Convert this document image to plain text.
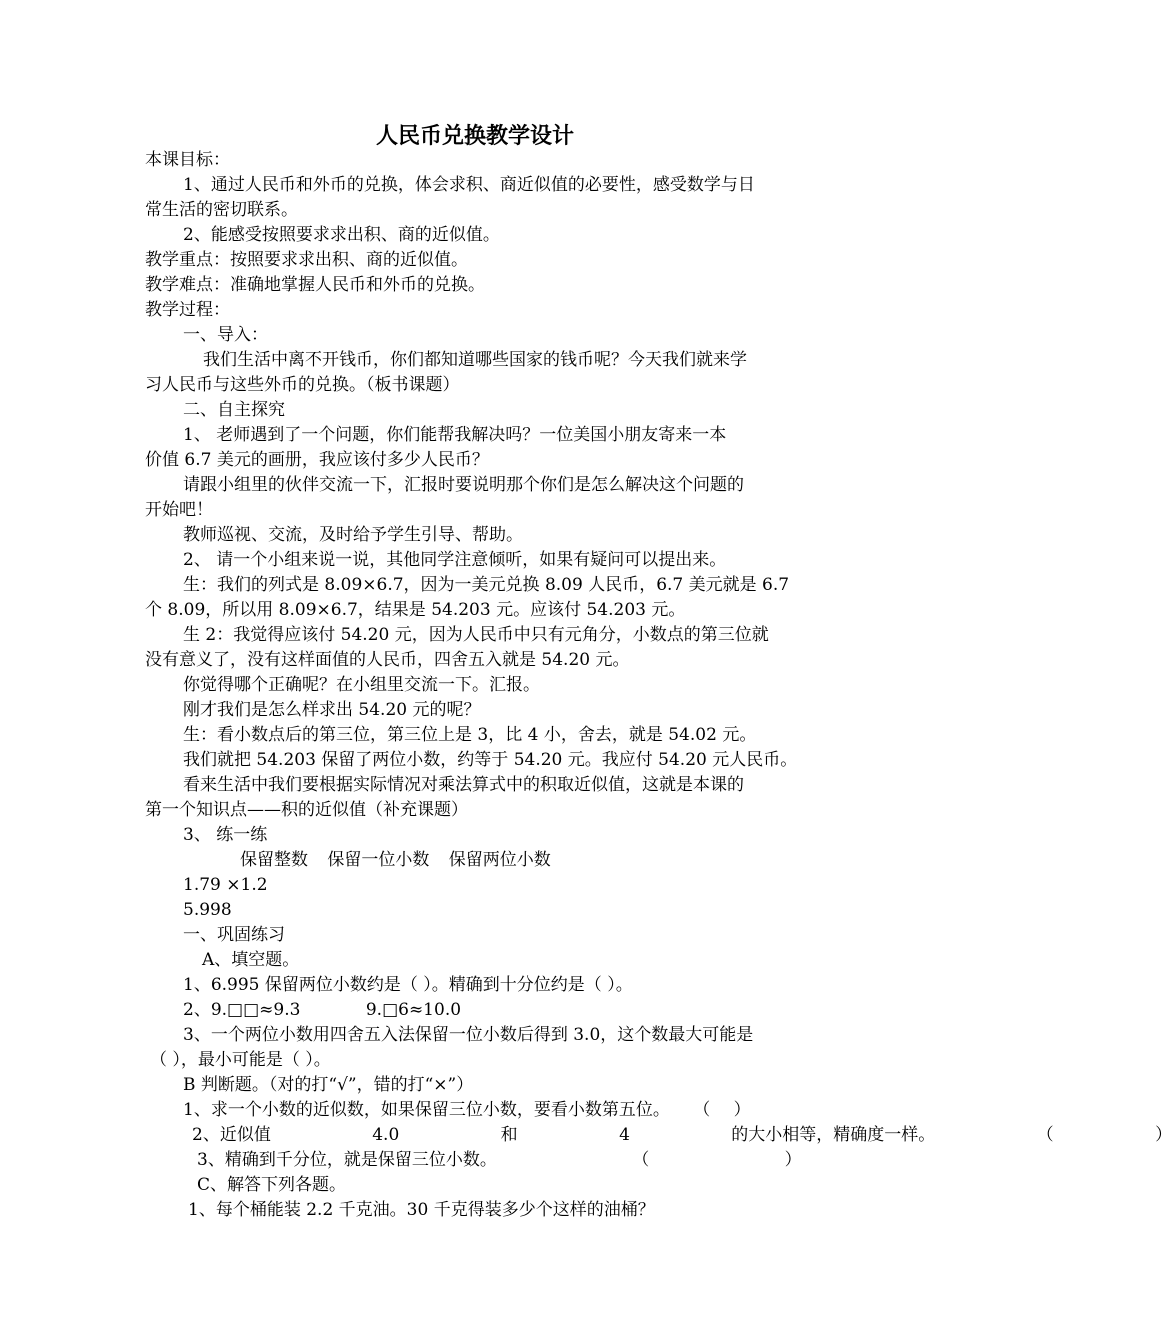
人民币兑换教学设计
本课目标：
1、通过人民币和外币的兑换，体会求积、商近似值的必要性，感受数学与日
常生活的密切联系。
2、能感受按照要求求出积、商的近似值。
教学重点：按照要求求出积、商的近似值。
教学难点：准确地掌握人民币和外币的兑换。
教学过程：
一、导入：
我们生活中离不开钱币，你们都知道哪些国家的钱币呢？今天我们就来学
习人民币与这些外币的兑换。（板书课题）
二、自主探究
1、 老师遇到了一个问题，你们能帮我解决吗？一位美国小朋友寄来一本
价值 6.7 美元的画册，我应该付多少人民币？
请跟小组里的伙伴交流一下，汇报时要说明那个你们是怎么解决这个问题的
开始吧！
教师巡视、交流，及时给予学生引导、帮助。
2、 请一个小组来说一说，其他同学注意倾听，如果有疑问可以提出来。
生：我们的列式是 8.09×6.7，因为一美元兑换 8.09 人民币，6.7 美元就是 6.7
个 8.09，所以用 8.09×6.7，结果是 54.203 元。应该付 54.203 元。
生 2：我觉得应该付 54.20 元，因为人民币中只有元角分，小数点的第三位就
没有意义了，没有这样面值的人民币，四舍五入就是 54.20 元。
你觉得哪个正确呢？在小组里交流一下。汇报。
刚才我们是怎么样求出 54.20 元的呢？
生：看小数点后的第三位，第三位上是 3，比 4 小，舍去，就是 54.02 元。
我们就把 54.203 保留了两位小数，约等于 54.20 元。我应付 54.20 元人民币。
看来生活中我们要根据实际情况对乘法算式中的积取近似值，这就是本课的
第一个知识点——积的近似值（补充课题）
3、 练一练
保留整数 保留一位小数 保留两位小数
1.79 ×1.2
5.998
一、巩固练习
A、填空题。
1、6.995 保留两位小数约是（ ）。精确到十分位约是（ ）。
2、9.□□≈9.3 9.□6≈10.0
3、一个两位小数用四舍五入法保留一位小数后得到 3.0，这个数最大可能是
（ ），最小可能是（ ）。
B 判断题。（对的打“√”，错的打“×”）
1、求一个小数的近似数，如果保留三位小数，要看小数第五位。 （ ）
2、近似值 4.0 和 4 的大小相等，精确度一样。 （ ）
3、精确到千分位，就是保留三位小数。 （ ）
C、解答下列各题。
1、每个桶能装 2.2 千克油。30 千克得装多少个这样的油桶？
